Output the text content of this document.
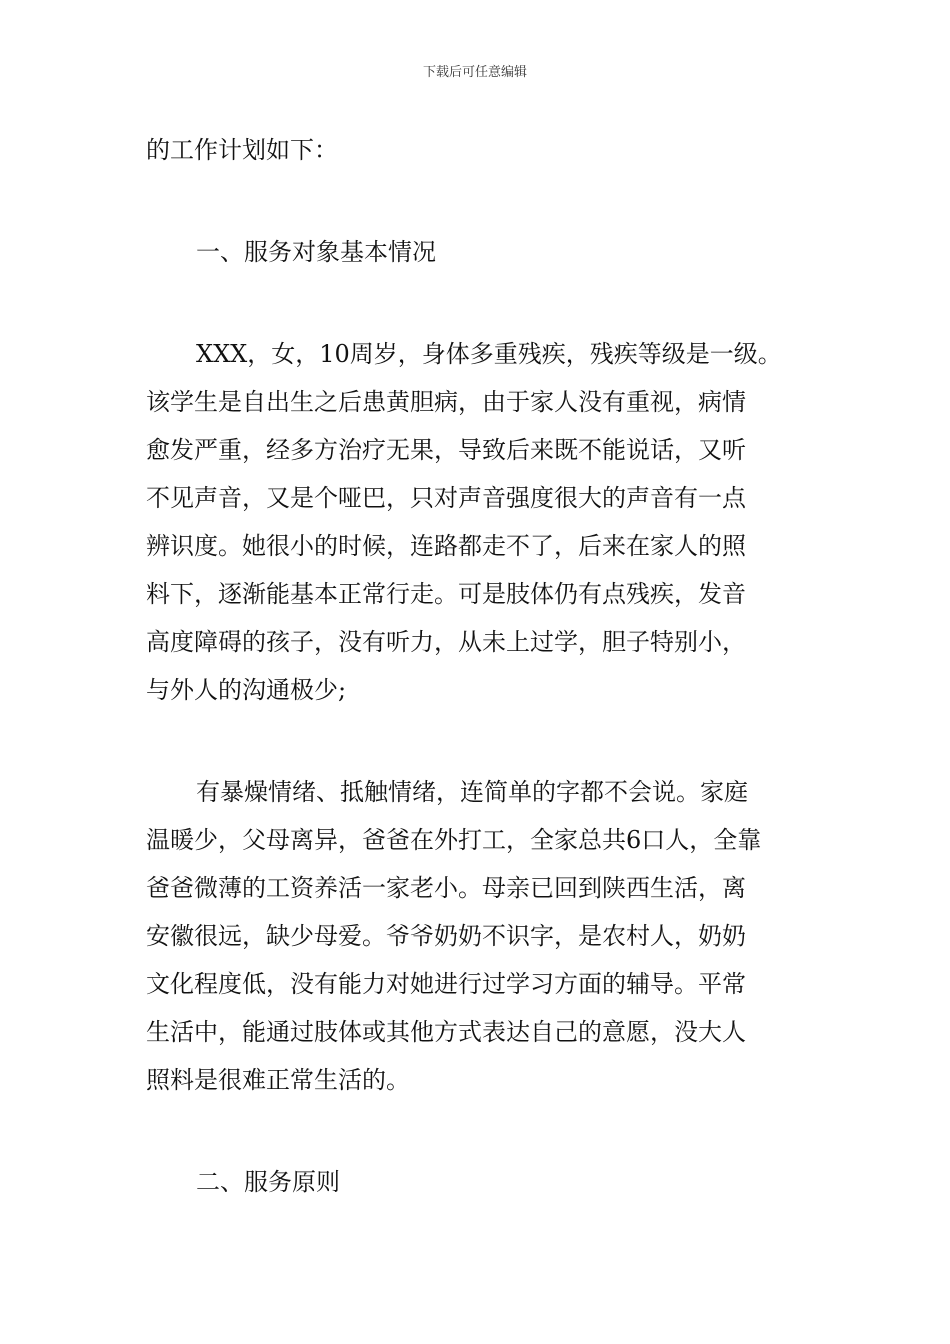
下载后可任意编辑

的工作计划如下：

一、服务对象基本情况

XXX，女，10周岁，身体多重残疾，残疾等级是一级。

该学生是自出生之后患黄胆病，由于家人没有重视，病情

愈发严重，经多方治疗无果，导致后来既不能说话，又听

不见声音，又是个哑巴，只对声音强度很大的声音有一点

辨识度。她很小的时候，连路都走不了，后来在家人的照

料下，逐渐能基本正常行走。可是肢体仍有点残疾，发音

高度障碍的孩子，没有听力，从未上过学，胆子特别小，

与外人的沟通极少;

有暴燥情绪、抵触情绪，连简单的字都不会说。家庭

温暖少，父母离异，爸爸在外打工，全家总共6口人，全靠

爸爸微薄的工资养活一家老小。母亲已回到陕西生活，离

安徽很远，缺少母爱。爷爷奶奶不识字，是农村人，奶奶

文化程度低，没有能力对她进行过学习方面的辅导。平常

生活中，能通过肢体或其他方式表达自己的意愿，没大人

照料是很难正常生活的。

二、服务原则
